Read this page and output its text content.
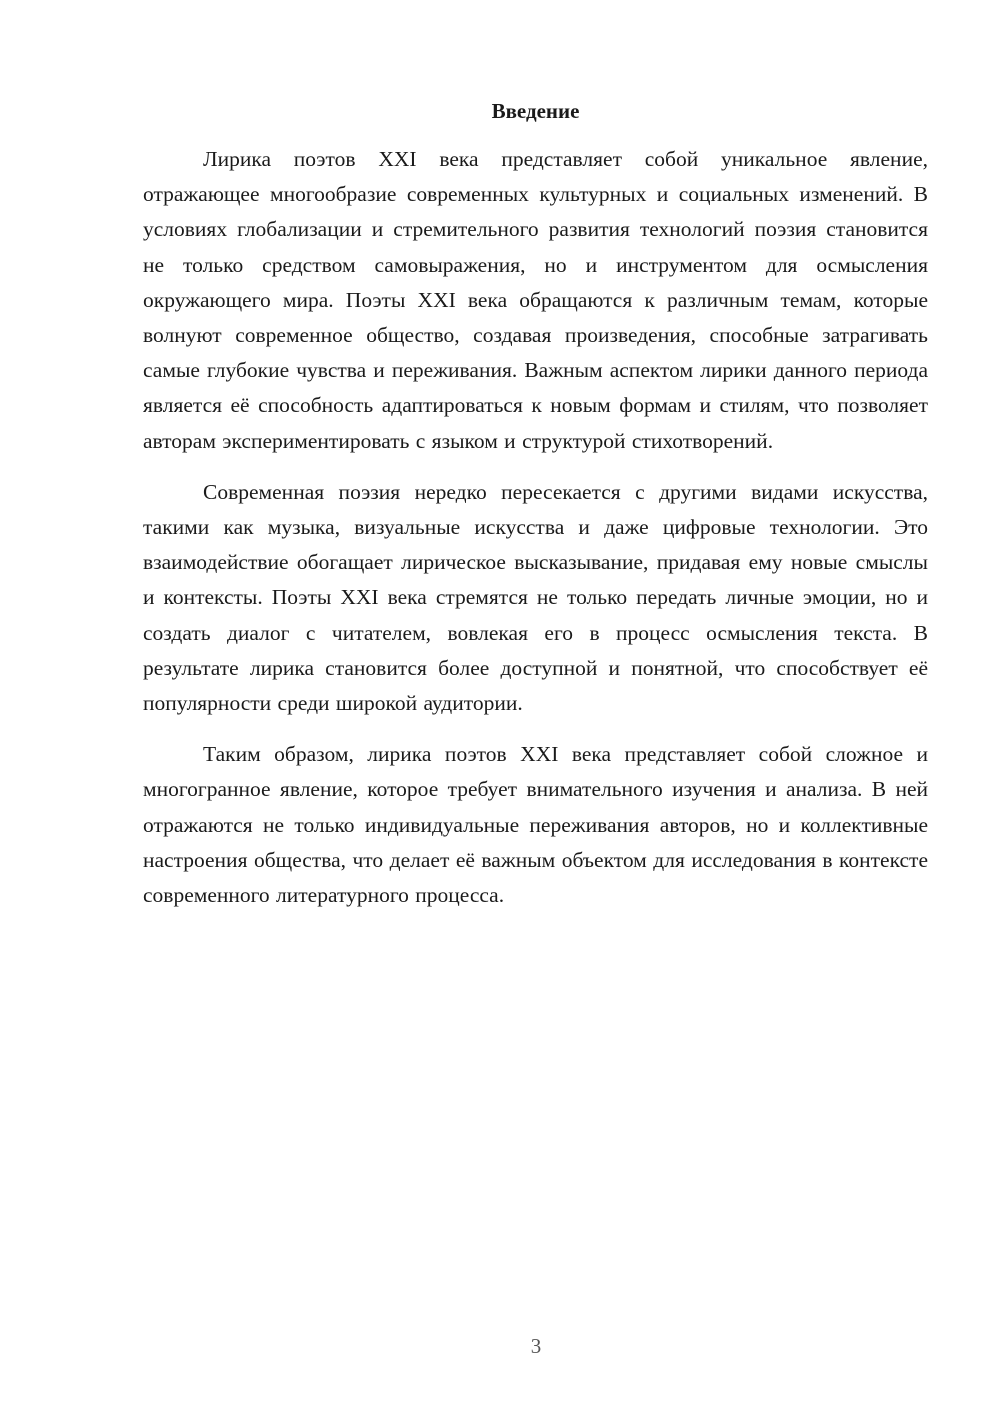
Введение

Лирика поэтов XXI века представляет собой уникальное явление, отражающее многообразие современных культурных и социальных изменений. В условиях глобализации и стремительного развития технологий поэзия становится не только средством самовыражения, но и инструментом для осмысления окружающего мира. Поэты XXI века обращаются к различным темам, которые волнуют современное общество, создавая произведения, способные затрагивать самые глубокие чувства и переживания. Важным аспектом лирики данного периода является её способность адаптироваться к новым формам и стилям, что позволяет авторам экспериментировать с языком и структурой стихотворений.

Современная поэзия нередко пересекается с другими видами искусства, такими как музыка, визуальные искусства и даже цифровые технологии. Это взаимодействие обогащает лирическое высказывание, придавая ему новые смыслы и контексты. Поэты XXI века стремятся не только передать личные эмоции, но и создать диалог с читателем, вовлекая его в процесс осмысления текста. В результате лирика становится более доступной и понятной, что способствует её популярности среди широкой аудитории.

Таким образом, лирика поэтов XXI века представляет собой сложное и многогранное явление, которое требует внимательного изучения и анализа. В ней отражаются не только индивидуальные переживания авторов, но и коллективные настроения общества, что делает её важным объектом для исследования в контексте современного литературного процесса.

3
